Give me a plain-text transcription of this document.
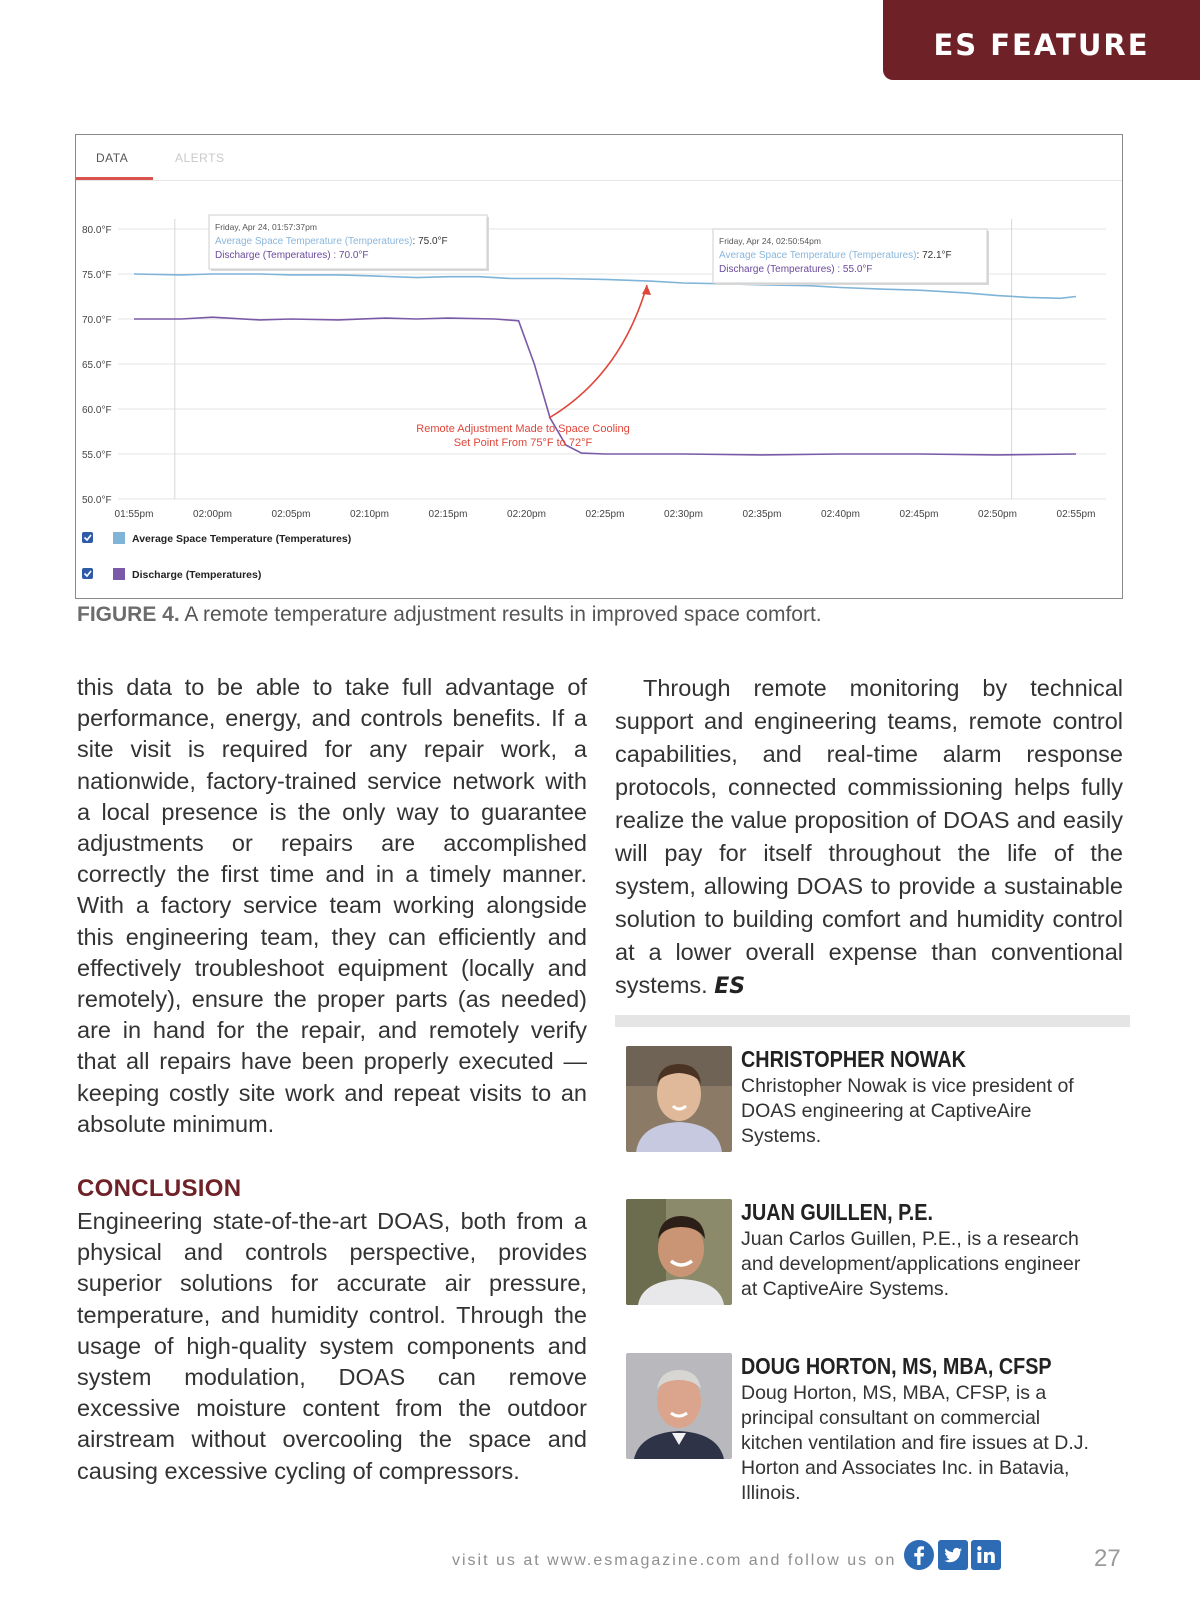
ES FEATURE
DATA	ALERTS
50.0°F
55.0°F
60.0°F
65.0°F
70.0°F
75.0°F
80.0°F
01:55pm	02:00pm	02:05pm	02:10pm	02:15pm	02:20pm	02:25pm	02:30pm	02:35pm	02:40pm	02:45pm	02:50pm	02:55pm
Remote Adjustment Made to Space Cooling
Set Point From 75°F to 72°F
Friday, Apr 24, 01:57:37pm
Average Space Temperature (Temperatures): 75.0°F
Discharge (Temperatures) : 70.0°F
Friday, Apr 24, 02:50:54pm
Average Space Temperature (Temperatures): 72.1°F
Discharge (Temperatures) : 55.0°F
Average Space Temperature (Temperatures)
Discharge (Temperatures)
FIGURE 4. A remote temperature adjustment results in improved space comfort.
this data to be able to take full advantage of performance, energy, and controls benefits. If a site visit is required for any repair work, a nationwide, factory-trained service network with a local presence is the only way to guarantee adjustments or repairs are accomplished correctly the first time and in a timely manner. With a factory service team working alongside this engineering team, they can efficiently and effectively troubleshoot equipment (locally and remotely), ensure the proper parts (as needed) are in hand for the repair, and remotely verify that all repairs have been properly executed — keeping costly site work and repeat visits to an absolute minimum.
CONCLUSION
Engineering state-of-the-art DOAS, both from a physical and controls perspective, provides superior solutions for accurate air pressure, temperature, and humidity control. Through the usage of high-quality system components and system modulation, DOAS can remove excessive moisture content from the outdoor airstream without overcooling the space and causing excessive cycling of compressors.
Through remote monitoring by technical support and engineering teams, remote control capabilities, and real-time alarm response protocols, connected commissioning helps fully realize the value proposition of DOAS and easily will pay for itself throughout the life of the system, allowing DOAS to provide a sustainable solution to building comfort and humidity control at a lower overall expense than conventional systems. ES
CHRISTOPHER NOWAK
Christopher Nowak is vice president of DOAS engineering at CaptiveAire Systems.
JUAN GUILLEN, P.E.
Juan Carlos Guillen, P.E., is a research and development/applications engineer at CaptiveAire Systems.
DOUG HORTON, MS, MBA, CFSP
Doug Horton, MS, MBA, CFSP, is a principal consultant on commercial kitchen ventilation and fire issues at D.J. Horton and Associates Inc. in Batavia, Illinois.
visit us at www.esmagazine.com and follow us on	27
